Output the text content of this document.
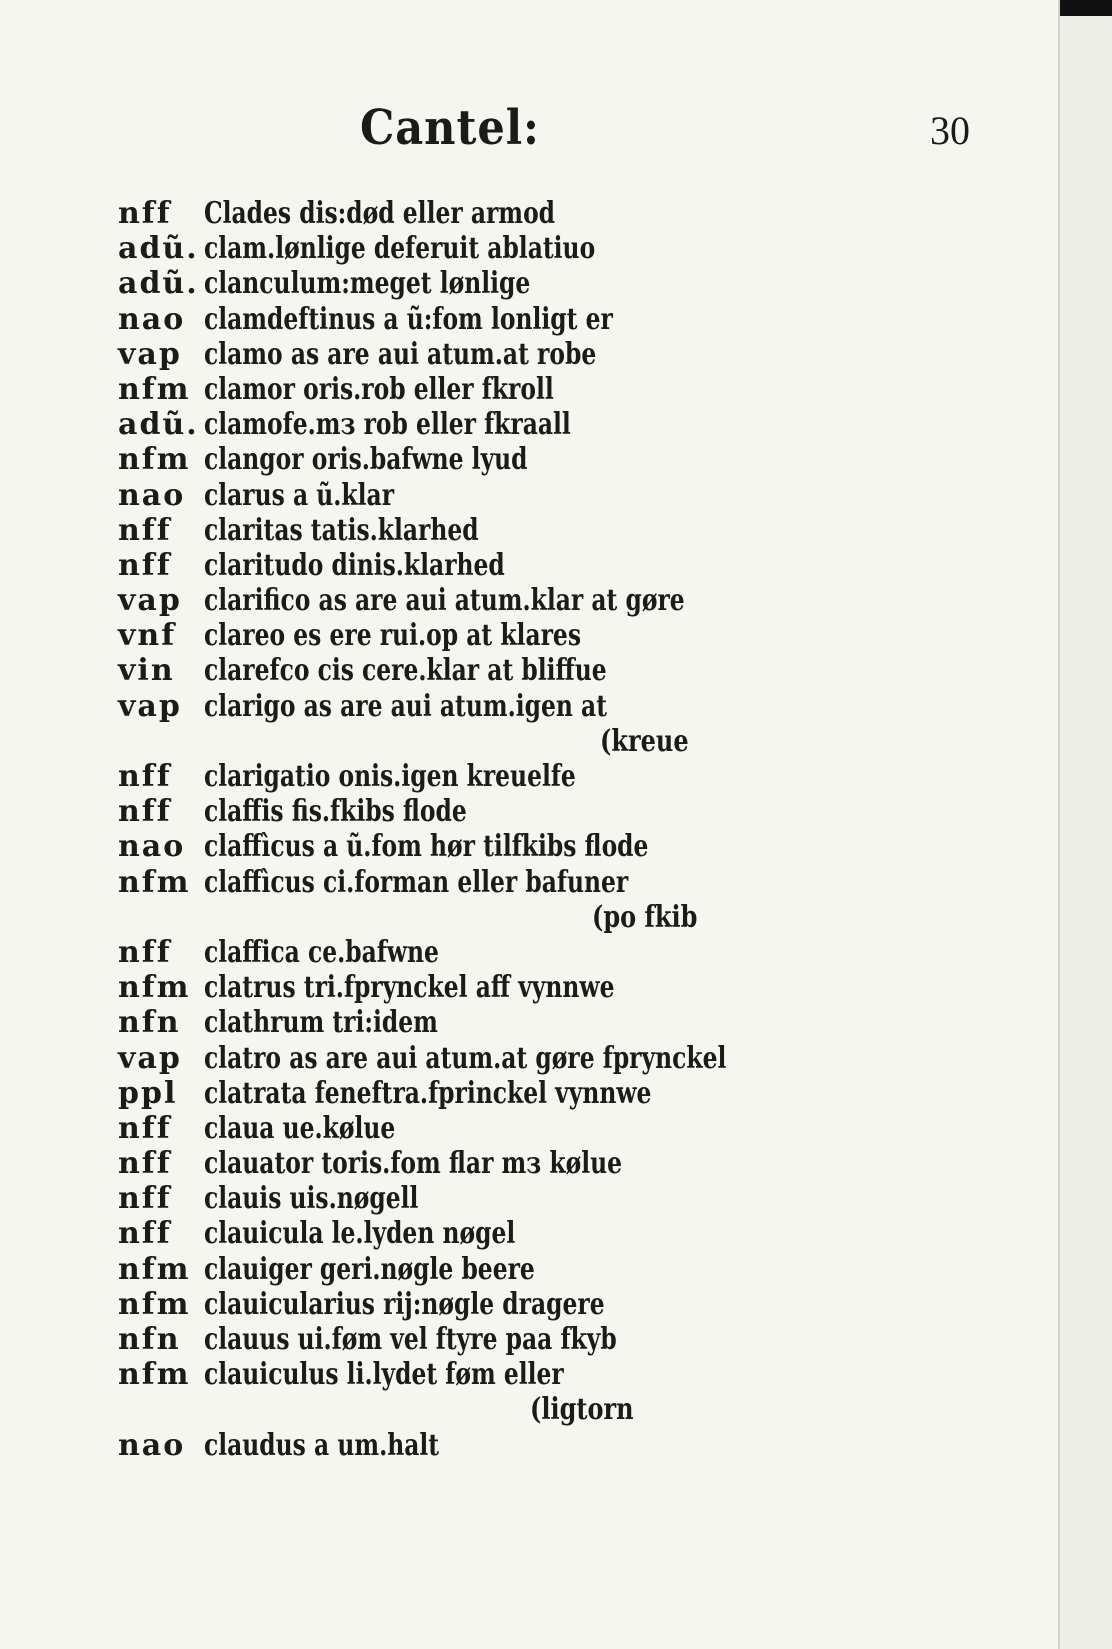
Cantel:	30
nff Clades dis:død eller armod
adũ. clam.lønlige deferuit ablatiuo
adũ. clanculum:meget lønlige
nao clamdeftinus a ũ:fom lonligt er
vap clamo as are aui atum.at robe
nfm clamor oris.rob eller fkroll
adũ. clamofe.mз rob eller fkraall
nfm clangor oris.bafwne lyud
nao clarus a ũ.klar
nff claritas tatis.klarhed
nff claritudo dinis.klarhed
vap clarifico as are aui atum.klar at gøre
vnf clareo es ere rui.op at klares
vin clarefco cis cere.klar at bliffue
vap clarigo as are aui atum.igen at
(kreue
nff clarigatio onis.igen kreuelfe
nff claffis fis.fkibs flode
nao claffìcus a ũ.fom hør tilfkibs flode
nfm claffìcus ci.forman eller bafuner
(po fkib
nff claffica ce.bafwne
nfm clatrus tri.fprynckel aff vynnwe
nfn clathrum tri:idem
vap clatro as are aui atum.at gøre fprynckel
ppl clatrata feneftra.fprinckel vynnwe
nff claua ue.kølue
nff clauator toris.fom flar mз kølue
nff clauis uis.nøgell
nff clauicula le.lyden nøgel
nfm clauiger geri.nøgle beere
nfm clauicularius rij:nøgle dragere
nfn clauus ui.føm vel ftyre paa fkyb
nfm clauiculus li.lydet føm eller
(ligtorn
nao claudus a um.halt
